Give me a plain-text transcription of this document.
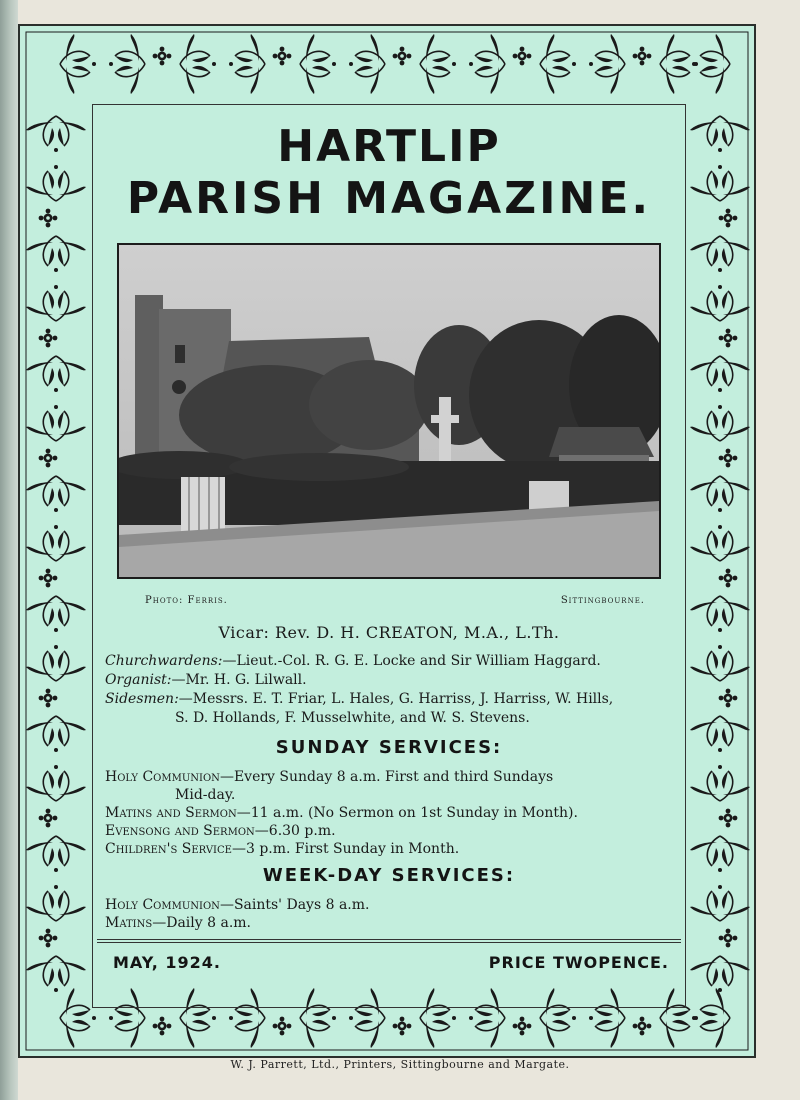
HARTLIP
PARISH MAGAZINE.
Photo: Ferris.	Sittingbourne.
Vicar: Rev. D. H. CREATON, M.A., L.Th.
Churchwardens:—Lieut.-Col. R. G. E. Locke and Sir William Haggard.
Organist:—Mr. H. G. Lilwall.
Sidesmen:—Messrs. E. T. Friar, L. Hales, G. Harriss, J. Harriss, W. Hills,
S. D. Hollands, F. Musselwhite, and W. S. Stevens.
SUNDAY SERVICES:
Holy Communion—Every Sunday 8 a.m. First and third Sundays
Mid-day.
Matins and Sermon—11 a.m. (No Sermon on 1st Sunday in Month).
Evensong and Sermon—6.30 p.m.
Children's Service—3 p.m. First Sunday in Month.
WEEK-DAY SERVICES:
Holy Communion—Saints' Days 8 a.m.
Matins—Daily 8 a.m.
MAY, 1924.	PRICE TWOPENCE.
W. J. Parrett, Ltd., Printers, Sittingbourne and Margate.
